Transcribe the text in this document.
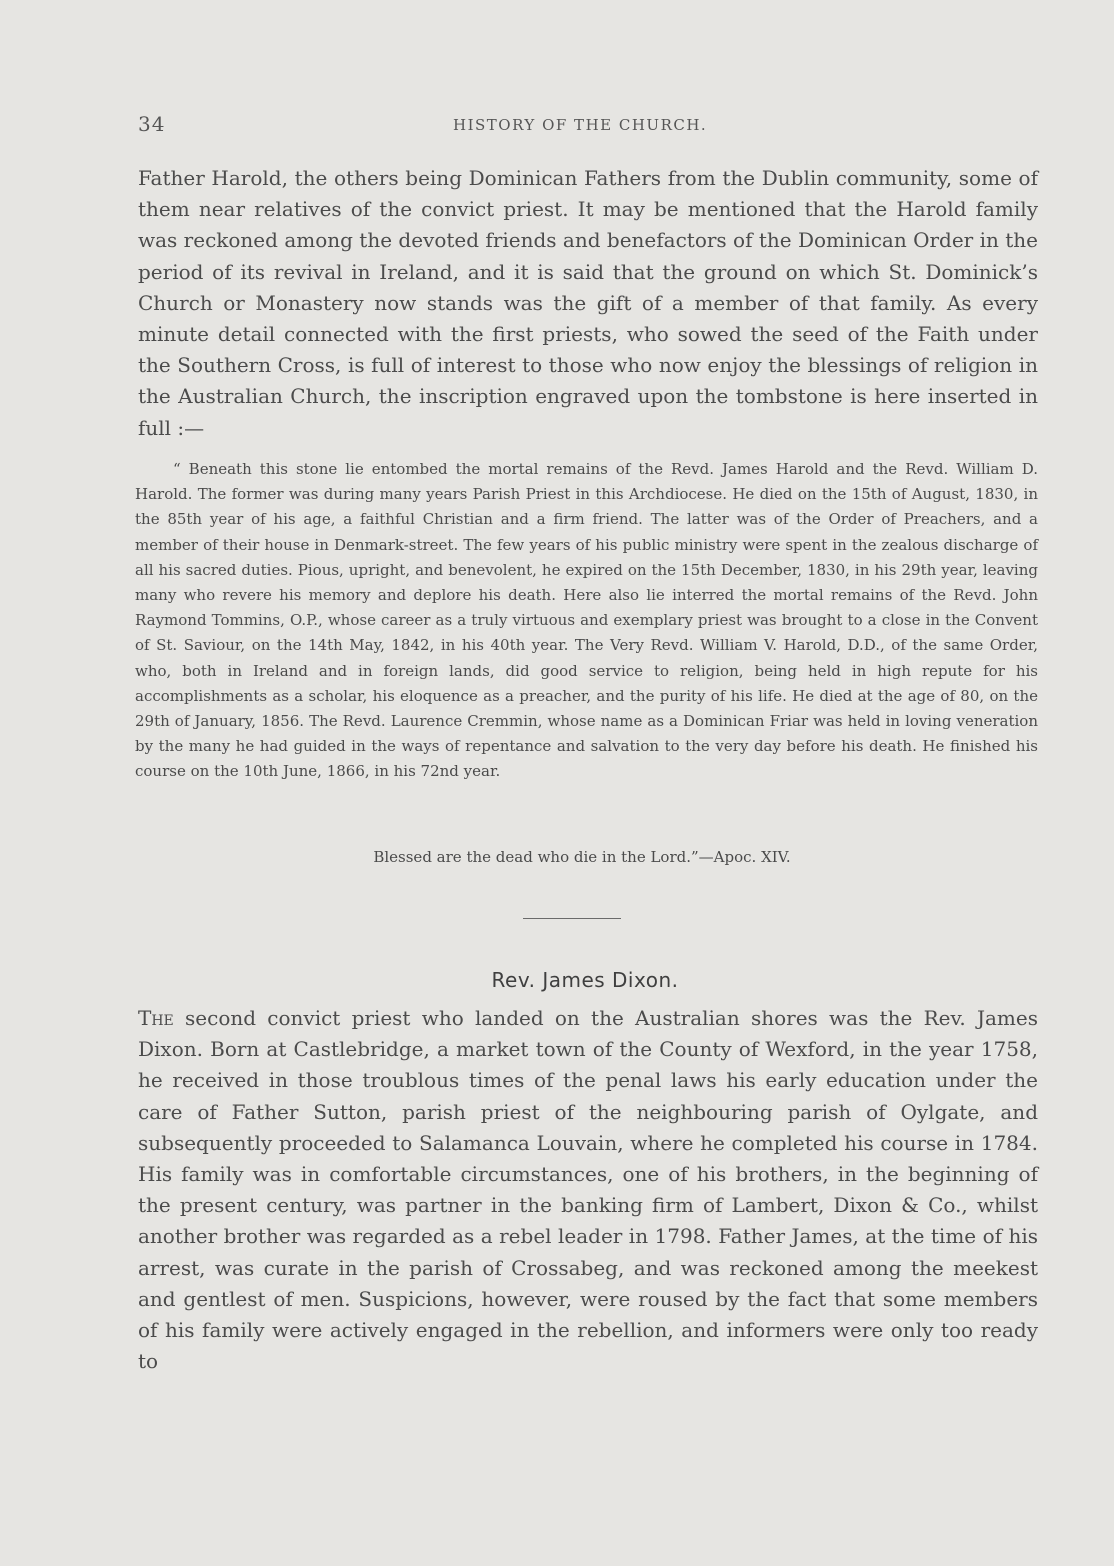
34	HISTORY OF THE CHURCH.

Father Harold, the others being Dominican Fathers from the Dublin community, some of them near relatives of the convict priest. It may be mentioned that the Harold family was reckoned among the devoted friends and benefactors of the Dominican Order in the period of its revival in Ireland, and it is said that the ground on which St. Dominick’s Church or Monastery now stands was the gift of a member of that family. As every minute detail connected with the first priests, who sowed the seed of the Faith under the Southern Cross, is full of interest to those who now enjoy the blessings of religion in the Australian Church, the inscription engraved upon the tombstone is here inserted in full :—

“ Beneath this stone lie entombed the mortal remains of the Revd. James Harold and the Revd. William D. Harold. The former was during many years Parish Priest in this Archdiocese. He died on the 15th of August, 1830, in the 85th year of his age, a faithful Christian and a firm friend. The latter was of the Order of Preachers, and a member of their house in Denmark-street. The few years of his public ministry were spent in the zealous discharge of all his sacred duties. Pious, upright, and benevolent, he expired on the 15th December, 1830, in his 29th year, leaving many who revere his memory and deplore his death. Here also lie interred the mortal remains of the Revd. John Raymond Tommins, O.P., whose career as a truly virtuous and exemplary priest was brought to a close in the Convent of St. Saviour, on the 14th May, 1842, in his 40th year. The Very Revd. William V. Harold, D.D., of the same Order, who, both in Ireland and in foreign lands, did good service to religion, being held in high repute for his accomplishments as a scholar, his eloquence as a preacher, and the purity of his life. He died at the age of 80, on the 29th of January, 1856. The Revd. Laurence Cremmin, whose name as a Dominican Friar was held in loving veneration by the many he had guided in the ways of repentance and salvation to the very day before his death. He finished his course on the 10th June, 1866, in his 72nd year.

Blessed are the dead who die in the Lord.”—Apoc. XIV.

Rev. James Dixon.

The second convict priest who landed on the Australian shores was the Rev. James Dixon. Born at Castlebridge, a market town of the County of Wexford, in the year 1758, he received in those troublous times of the penal laws his early education under the care of Father Sutton, parish priest of the neighbouring parish of Oylgate, and subsequently proceeded to Salamanca Louvain, where he completed his course in 1784. His family was in comfortable circumstances, one of his brothers, in the beginning of the present century, was partner in the banking firm of Lambert, Dixon & Co., whilst another brother was regarded as a rebel leader in 1798. Father James, at the time of his arrest, was curate in the parish of Crossabeg, and was reckoned among the meekest and gentlest of men. Suspicions, however, were roused by the fact that some members of his family were actively engaged in the rebellion, and informers were only too ready to
